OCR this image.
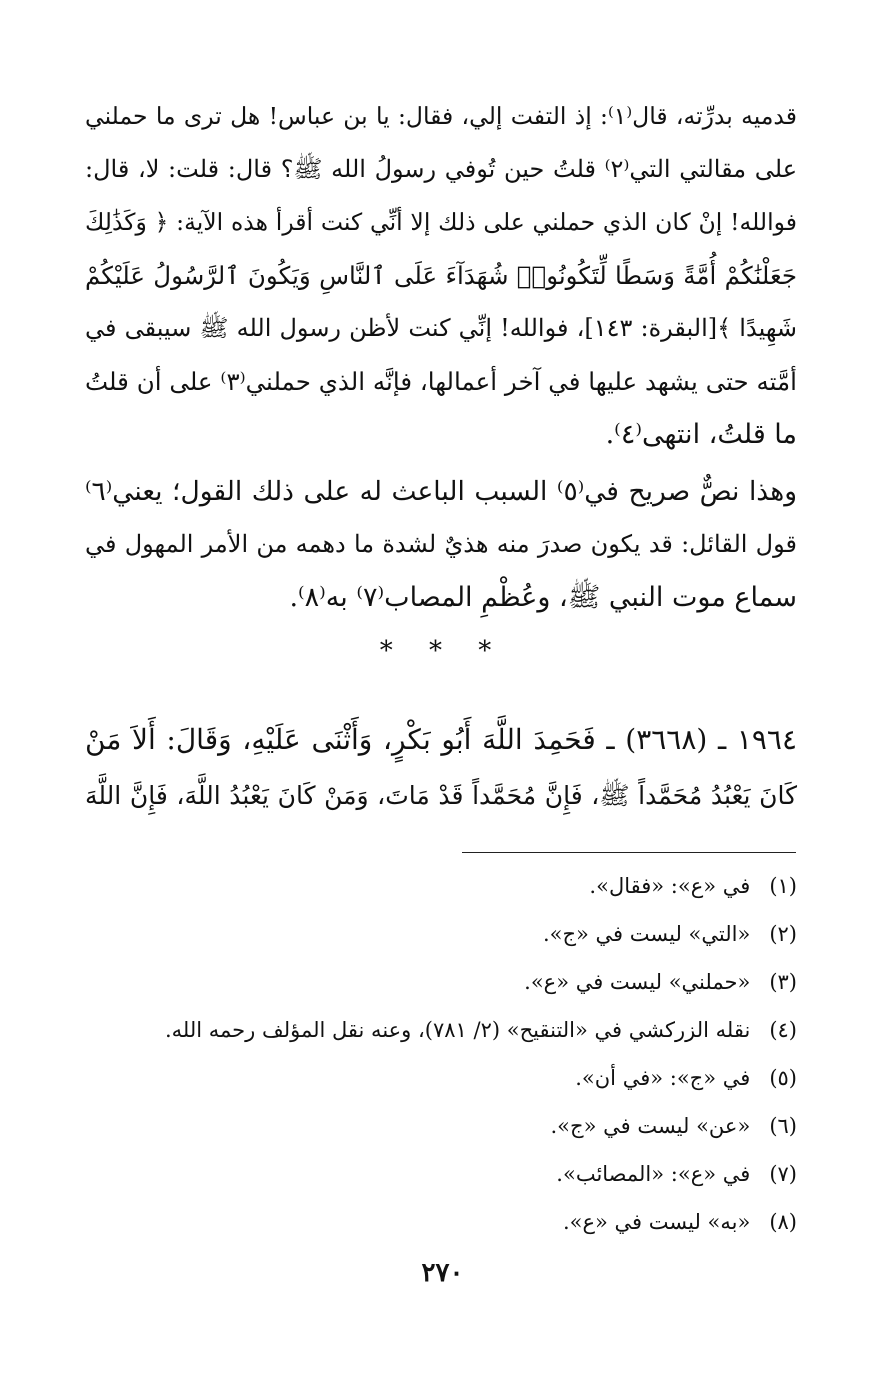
قدميه بدرِّته، قال⁽١⁾: إذ التفت إلي، فقال: يا بن عباس! هل ترى ما حملني
على مقالتي التي⁽٢⁾ قلتُ حين تُوفي رسولُ الله ﷺ؟ قال: قلت: لا، قال:
فوالله! إنْ كان الذي حملني على ذلك إلا أنِّي كنت أقرأ هذه الآية: ﴿ وَكَذَٰلِكَ
جَعَلْنَٰكُمْ أُمَّةً وَسَطًا لِّتَكُونُوا۟ شُهَدَآءَ عَلَى ٱلنَّاسِ وَيَكُونَ ٱلرَّسُولُ عَلَيْكُمْ
شَهِيدًا ﴾[البقرة: ١٤٣]، فوالله! إنِّي كنت لأظن رسول الله ﷺ سيبقى في
أمَّته حتى يشهد عليها في آخر أعمالها، فإنَّه الذي حملني⁽٣⁾ على أن قلتُ
ما قلتُ، انتهى⁽٤⁾.
وهذا نصٌّ صريح في⁽٥⁾ السبب الباعث له على ذلك القول؛ يعني⁽٦⁾
قول القائل: قد يكون صدرَ منه هذيٌ لشدة ما دهمه من الأمر المهول في
سماع موت النبي ﷺ، وعُظْمِ المصاب⁽٧⁾ به⁽٨⁾.
* * *
١٩٦٤ ـ (٣٦٦٨) ـ فَحَمِدَ اللَّهَ أَبُو بَكْرٍ، وَأَثْنَى عَلَيْهِ، وَقَالَ: أَلاَ مَنْ
كَانَ يَعْبُدُ مُحَمَّداً ﷺ، فَإِنَّ مُحَمَّداً قَدْ مَاتَ، وَمَنْ كَانَ يَعْبُدُ اللَّهَ، فَإِنَّ اللَّهَ
(١) في «ع»: «فقال».
(٢) «التي» ليست في «ج».
(٣) «حملني» ليست في «ع».
(٤) نقله الزركشي في «التنقيح» (٢/ ٧٨١)، وعنه نقل المؤلف رحمه الله.
(٥) في «ج»: «في أن».
(٦) «عن» ليست في «ج».
(٧) في «ع»: «المصائب».
(٨) «به» ليست في «ع».
٢٧٠
